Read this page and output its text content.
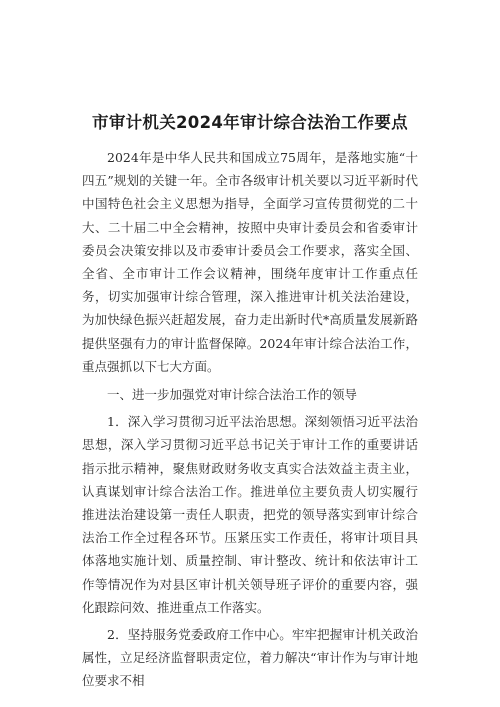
市审计机关2024年审计综合法治工作要点

2024年是中华人民共和国成立75周年，是落地实施“十四五”规划的关键一年。全市各级审计机关要以习近平新时代中国特色社会主义思想为指导，全面学习宣传贯彻党的二十大、二十届二中全会精神，按照中央审计委员会和省委审计委员会决策安排以及市委审计委员会工作要求，落实全国、全省、全市审计工作会议精神，围绕年度审计工作重点任务，切实加强审计综合管理，深入推进审计机关法治建设，为加快绿色振兴赶超发展，奋力走出新时代*高质量发展新路提供坚强有力的审计监督保障。2024年审计综合法治工作，重点强抓以下七大方面。

一、进一步加强党对审计综合法治工作的领导

1．深入学习贯彻习近平法治思想。深刻领悟习近平法治思想，深入学习贯彻习近平总书记关于审计工作的重要讲话指示批示精神，聚焦财政财务收支真实合法效益主责主业，认真谋划审计综合法治工作。推进单位主要负责人切实履行推进法治建设第一责任人职责，把党的领导落实到审计综合法治工作全过程各环节。压紧压实工作责任，将审计项目具体落地实施计划、质量控制、审计整改、统计和依法审计工作等情况作为对县区审计机关领导班子评价的重要内容，强化跟踪问效、推进重点工作落实。

2．坚持服务党委政府工作中心。牢牢把握审计机关政治属性，立足经济监督职责定位，着力解决“审计作为与审计地位要求不相
